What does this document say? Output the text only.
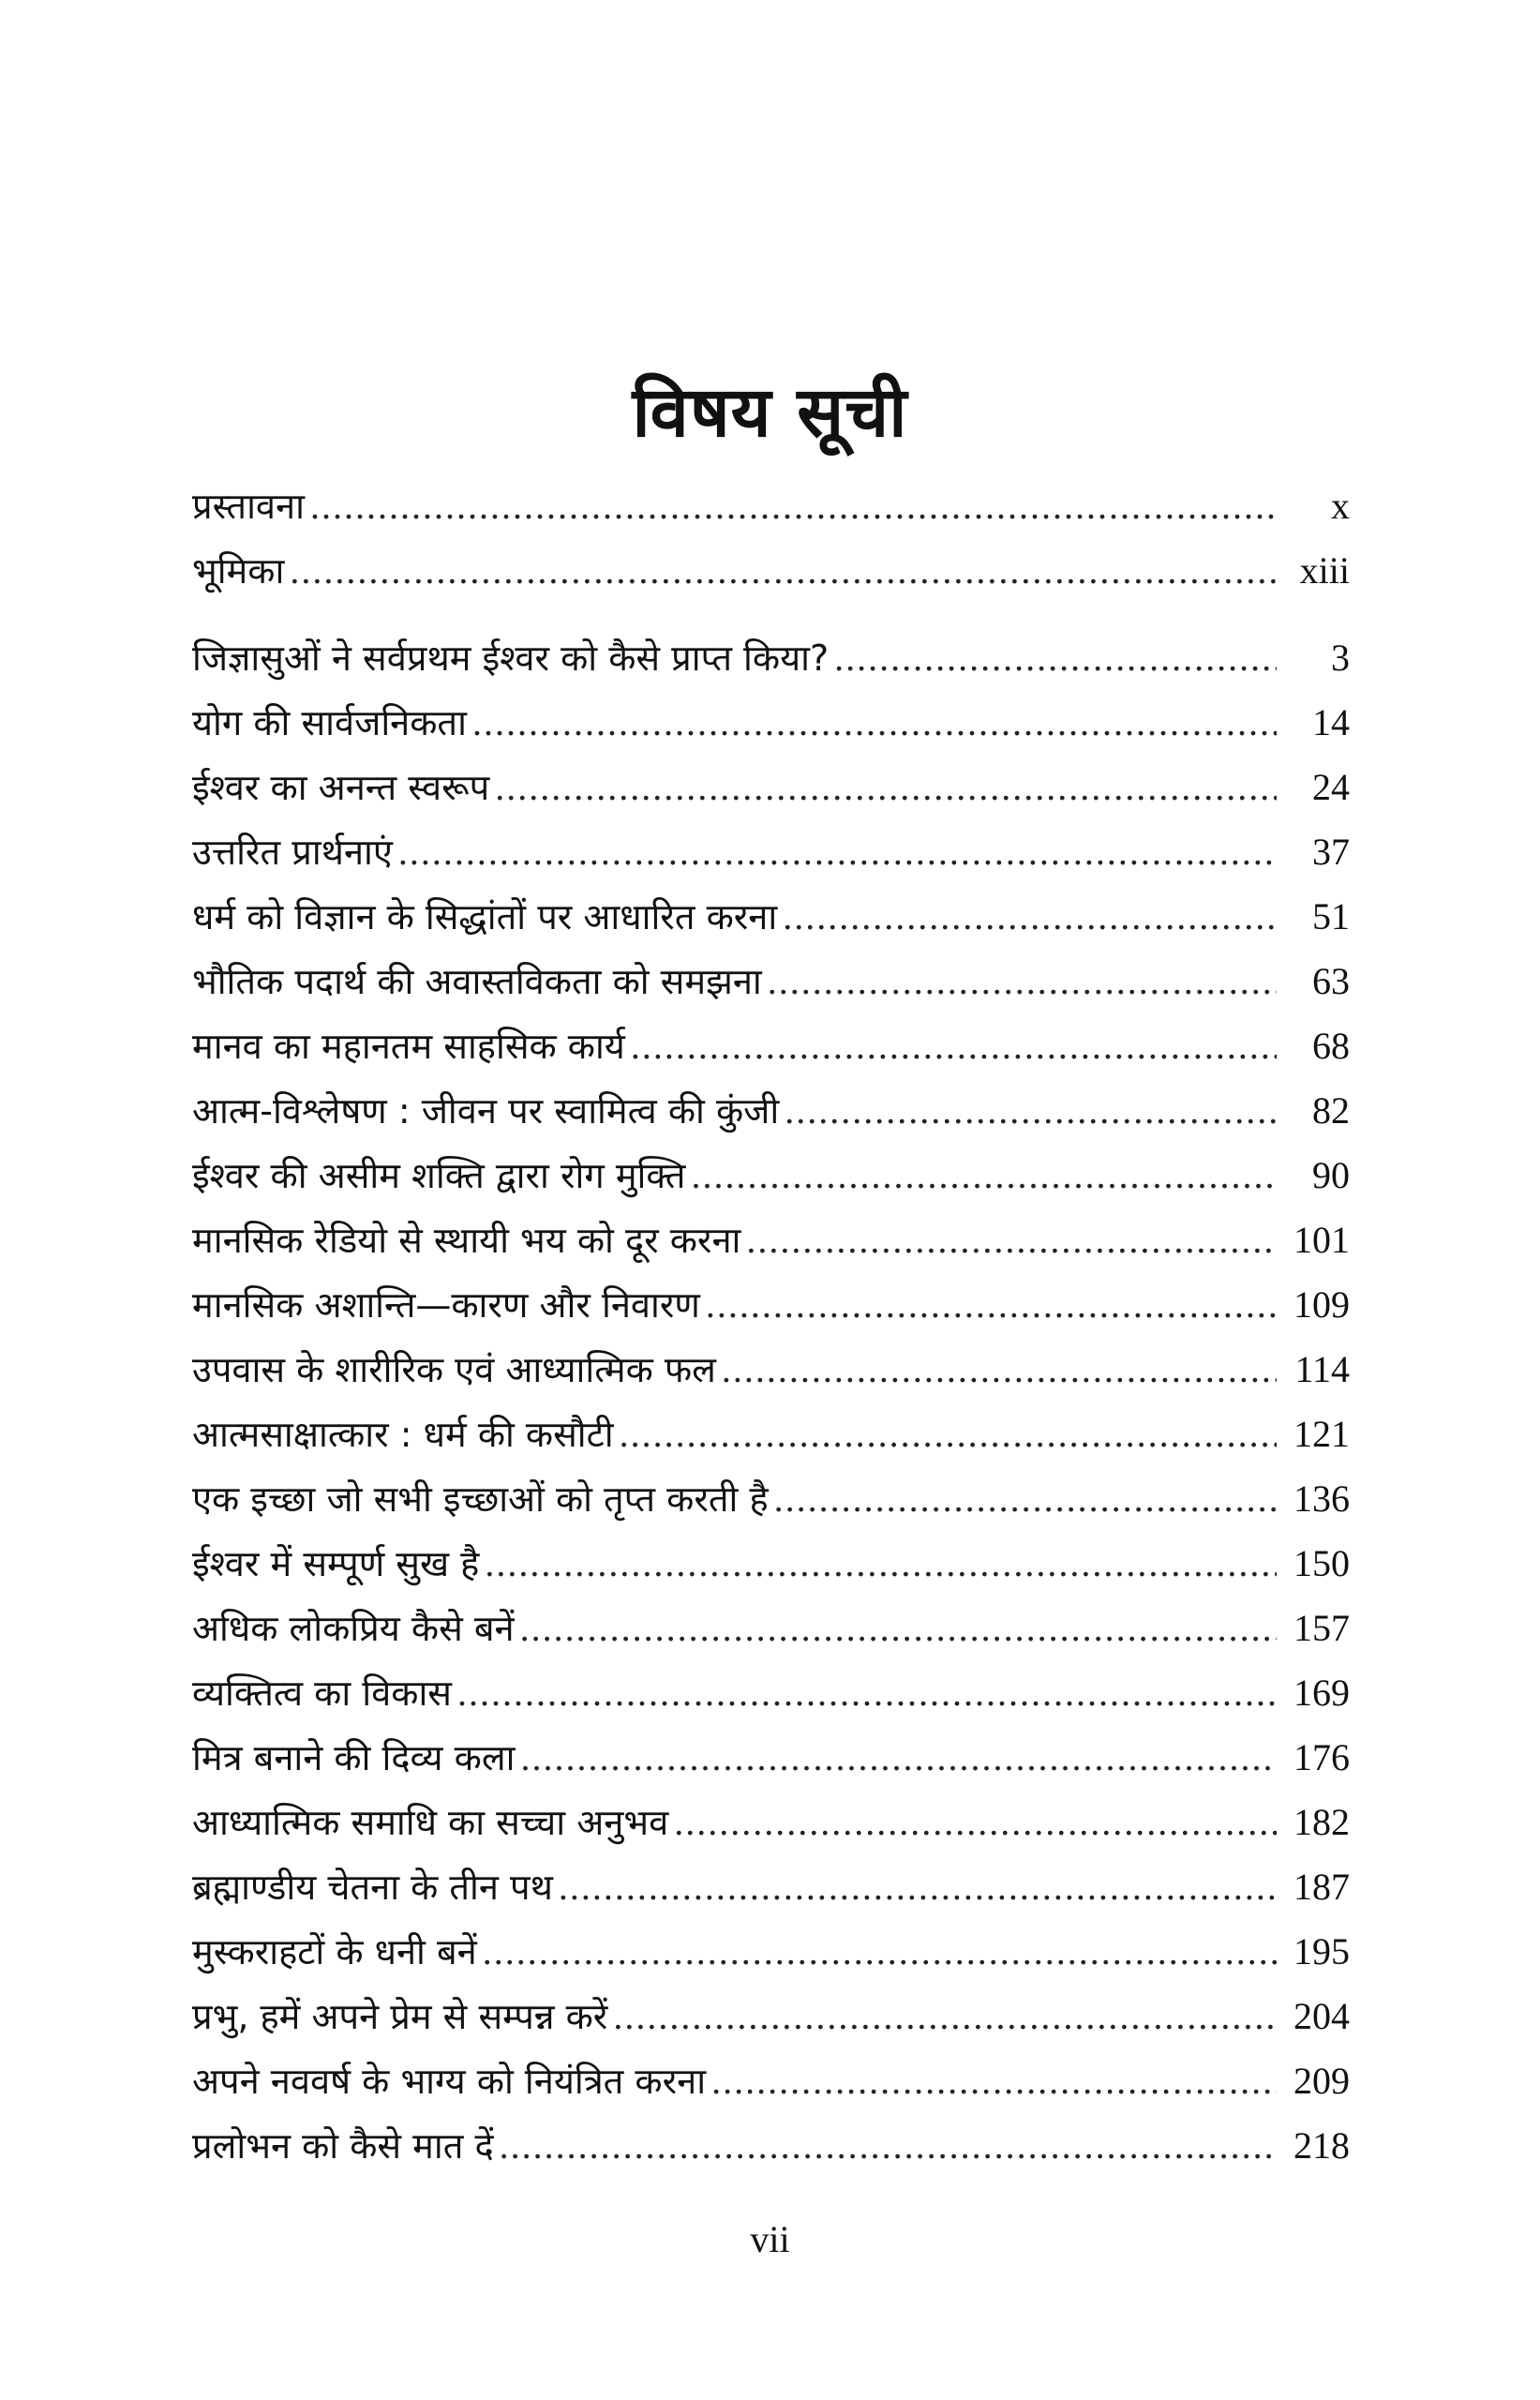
विषय सूची
प्रस्तावना .....	x
भूमिका .....	xiii
जिज्ञासुओं ने सर्वप्रथम ईश्वर को कैसे प्राप्त किया? .....	3
योग की सार्वजनिकता .....	14
ईश्वर का अनन्त स्वरूप .....	24
उत्तरित प्रार्थनाएं .....	37
धर्म को विज्ञान के सिद्धांतों पर आधारित करना .....	51
भौतिक पदार्थ की अवास्तविकता को समझना .....	63
मानव का महानतम साहसिक कार्य .....	68
आत्म-विश्लेषण : जीवन पर स्वामित्व की कुंजी .....	82
ईश्वर की असीम शक्ति द्वारा रोग मुक्ति .....	90
मानसिक रेडियो से स्थायी भय को दूर करना .....	101
मानसिक अशान्ति—कारण और निवारण .....	109
उपवास के शारीरिक एवं आध्यात्मिक फल .....	114
आत्मसाक्षात्कार : धर्म की कसौटी .....	121
एक इच्छा जो सभी इच्छाओं को तृप्त करती है .....	136
ईश्वर में सम्पूर्ण सुख है .....	150
अधिक लोकप्रिय कैसे बनें .....	157
व्यक्तित्व का विकास .....	169
मित्र बनाने की दिव्य कला .....	176
आध्यात्मिक समाधि का सच्चा अनुभव .....	182
ब्रह्माण्डीय चेतना के तीन पथ .....	187
मुस्कराहटों के धनी बनें .....	195
प्रभु, हमें अपने प्रेम से सम्पन्न करें .....	204
अपने नववर्ष के भाग्य को नियंत्रित करना .....	209
प्रलोभन को कैसे मात दें .....	218
vii
